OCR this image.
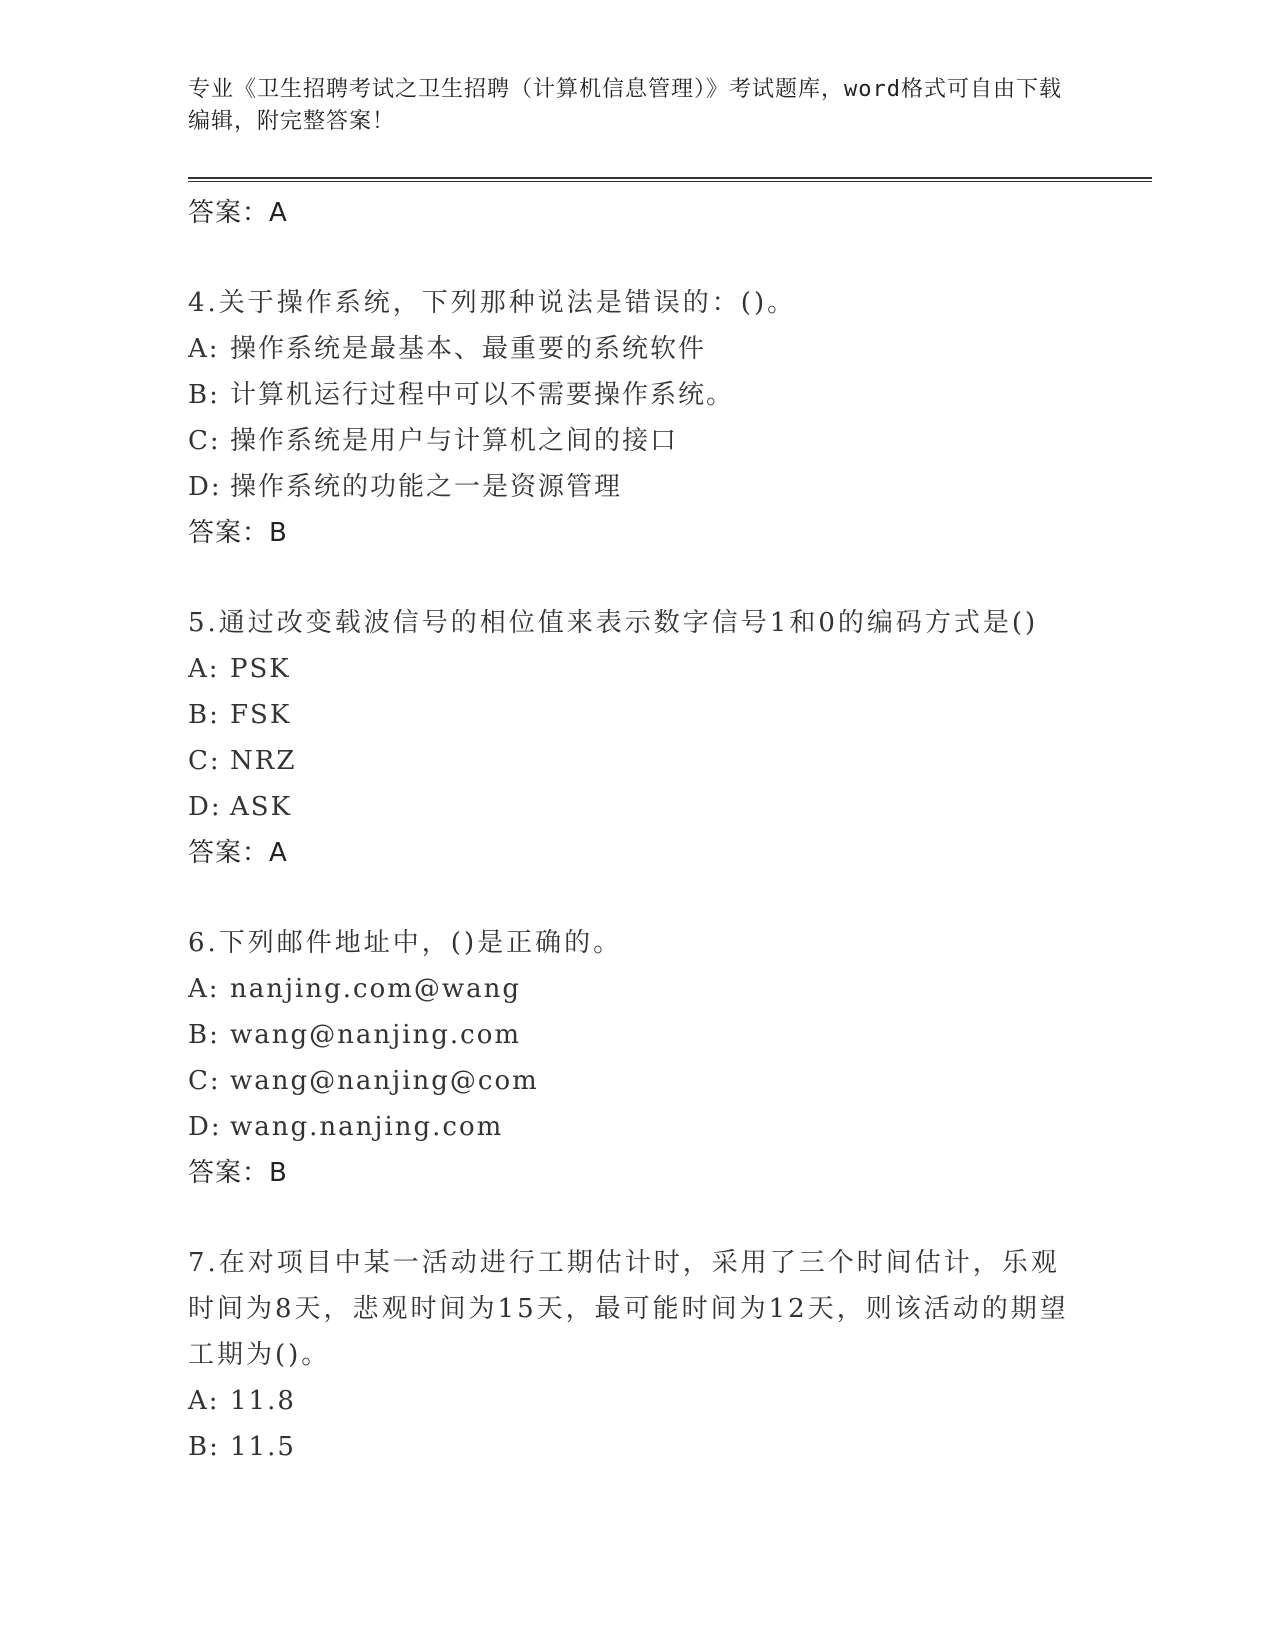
专业《卫生招聘考试之卫生招聘（计算机信息管理）》考试题库，word格式可自由下载编辑，附完整答案！
答案：A
4.关于操作系统，下列那种说法是错误的：()。
A: 操作系统是最基本、最重要的系统软件
B: 计算机运行过程中可以不需要操作系统。
C: 操作系统是用户与计算机之间的接口
D: 操作系统的功能之一是资源管理
答案：B
5.通过改变载波信号的相位值来表示数字信号1和0的编码方式是()
A: PSK
B: FSK
C: NRZ
D: ASK
答案：A
6.下列邮件地址中，()是正确的。
A: nanjing.com@wang
B: wang@nanjing.com
C: wang@nanjing@com
D: wang.nanjing.com
答案：B
7.在对项目中某一活动进行工期估计时，采用了三个时间估计，乐观时间为8天，悲观时间为15天，最可能时间为12天，则该活动的期望工期为()。
A: 11.8
B: 11.5
